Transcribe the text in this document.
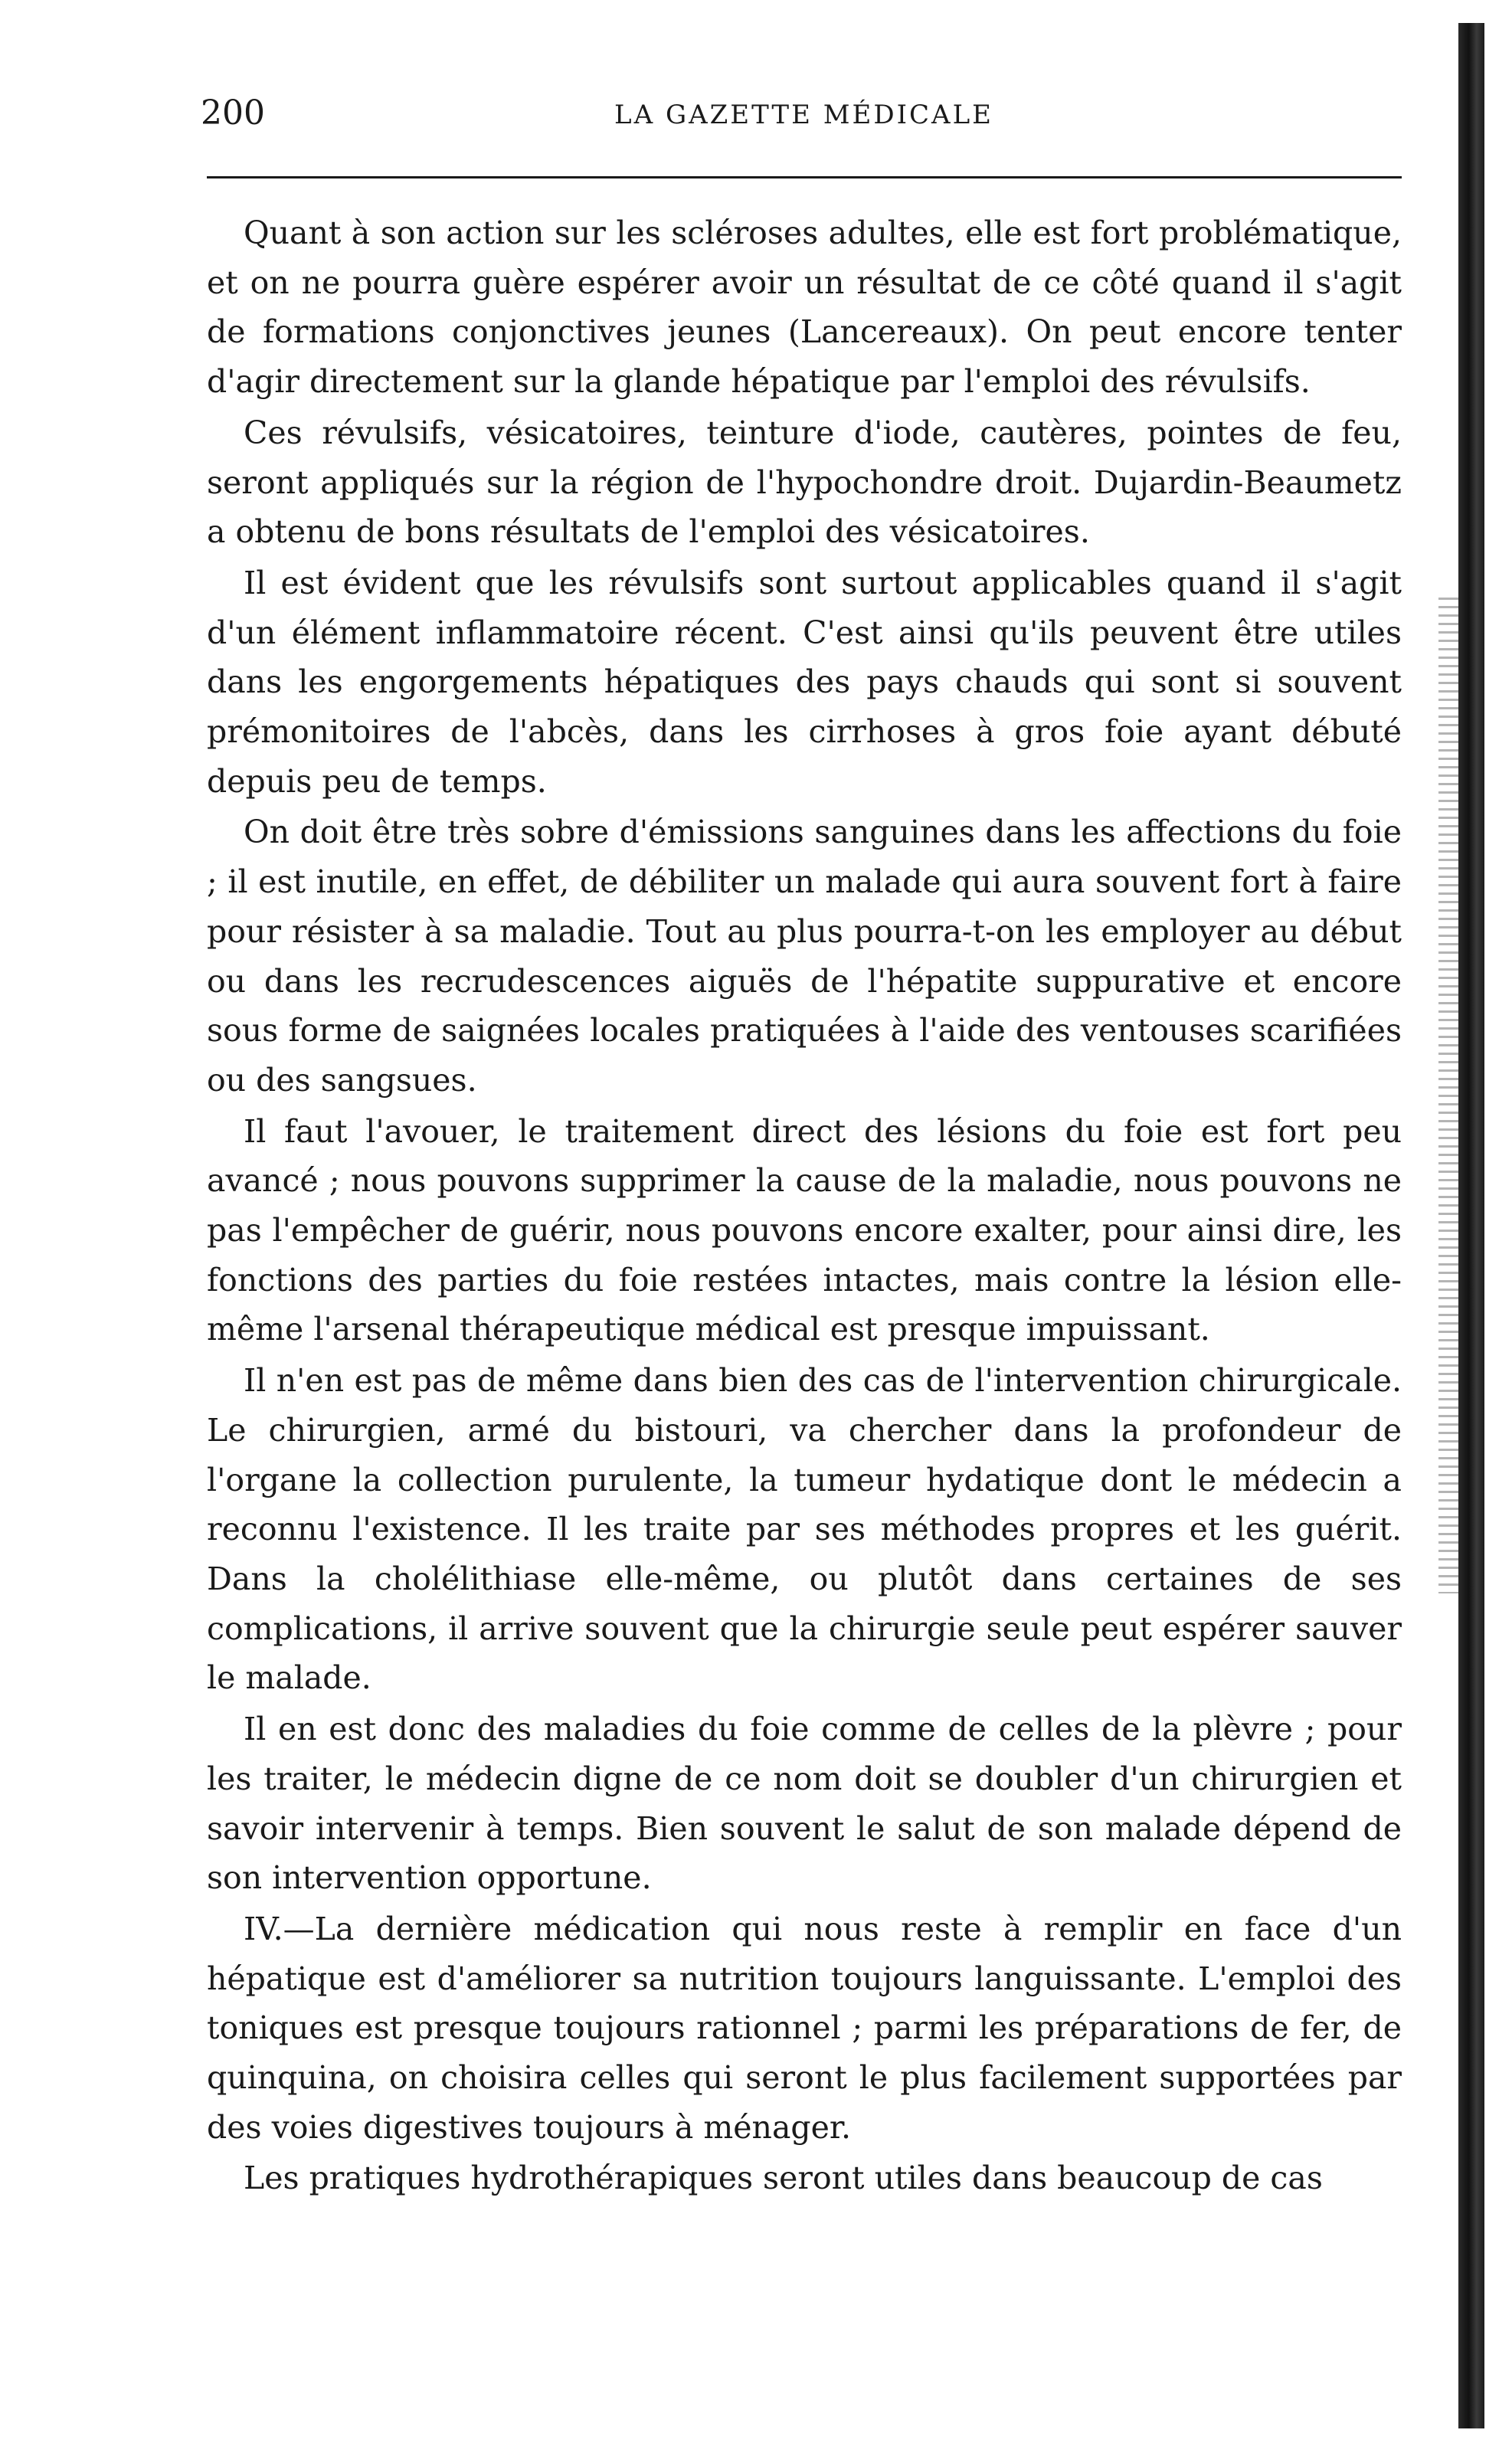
200	LA GAZETTE MÉDICALE

Quant à son action sur les scléroses adultes, elle est fort problématique, et on ne pourra guère espérer avoir un résultat de ce côté quand il s'agit de formations conjonctives jeunes (Lancereaux). On peut encore tenter d'agir directement sur la glande hépatique par l'emploi des révulsifs.

Ces révulsifs, vésicatoires, teinture d'iode, cautères, pointes de feu, seront appliqués sur la région de l'hypochondre droit. Dujardin-Beaumetz a obtenu de bons résultats de l'emploi des vésicatoires.

Il est évident que les révulsifs sont surtout applicables quand il s'agit d'un élément inflammatoire récent. C'est ainsi qu'ils peuvent être utiles dans les engorgements hépatiques des pays chauds qui sont si souvent prémonitoires de l'abcès, dans les cirrhoses à gros foie ayant débuté depuis peu de temps.

On doit être très sobre d'émissions sanguines dans les affections du foie ; il est inutile, en effet, de débiliter un malade qui aura souvent fort à faire pour résister à sa maladie. Tout au plus pourra-t-on les employer au début ou dans les recrudescences aiguës de l'hépatite suppurative et encore sous forme de saignées locales pratiquées à l'aide des ventouses scarifiées ou des sangsues.

Il faut l'avouer, le traitement direct des lésions du foie est fort peu avancé ; nous pouvons supprimer la cause de la maladie, nous pouvons ne pas l'empêcher de guérir, nous pouvons encore exalter, pour ainsi dire, les fonctions des parties du foie restées intactes, mais contre la lésion elle-même l'arsenal thérapeutique médical est presque impuissant.

Il n'en est pas de même dans bien des cas de l'intervention chirurgicale. Le chirurgien, armé du bistouri, va chercher dans la profondeur de l'organe la collection purulente, la tumeur hydatique dont le médecin a reconnu l'existence. Il les traite par ses méthodes propres et les guérit. Dans la cholélithiase elle-même, ou plutôt dans certaines de ses complications, il arrive souvent que la chirurgie seule peut espérer sauver le malade.

Il en est donc des maladies du foie comme de celles de la plèvre ; pour les traiter, le médecin digne de ce nom doit se doubler d'un chirurgien et savoir intervenir à temps. Bien souvent le salut de son malade dépend de son intervention opportune.

IV.—La dernière médication qui nous reste à remplir en face d'un hépatique est d'améliorer sa nutrition toujours languissante. L'emploi des toniques est presque toujours rationnel ; parmi les préparations de fer, de quinquina, on choisira celles qui seront le plus facilement supportées par des voies digestives toujours à ménager.

Les pratiques hydrothérapiques seront utiles dans beaucoup de cas
